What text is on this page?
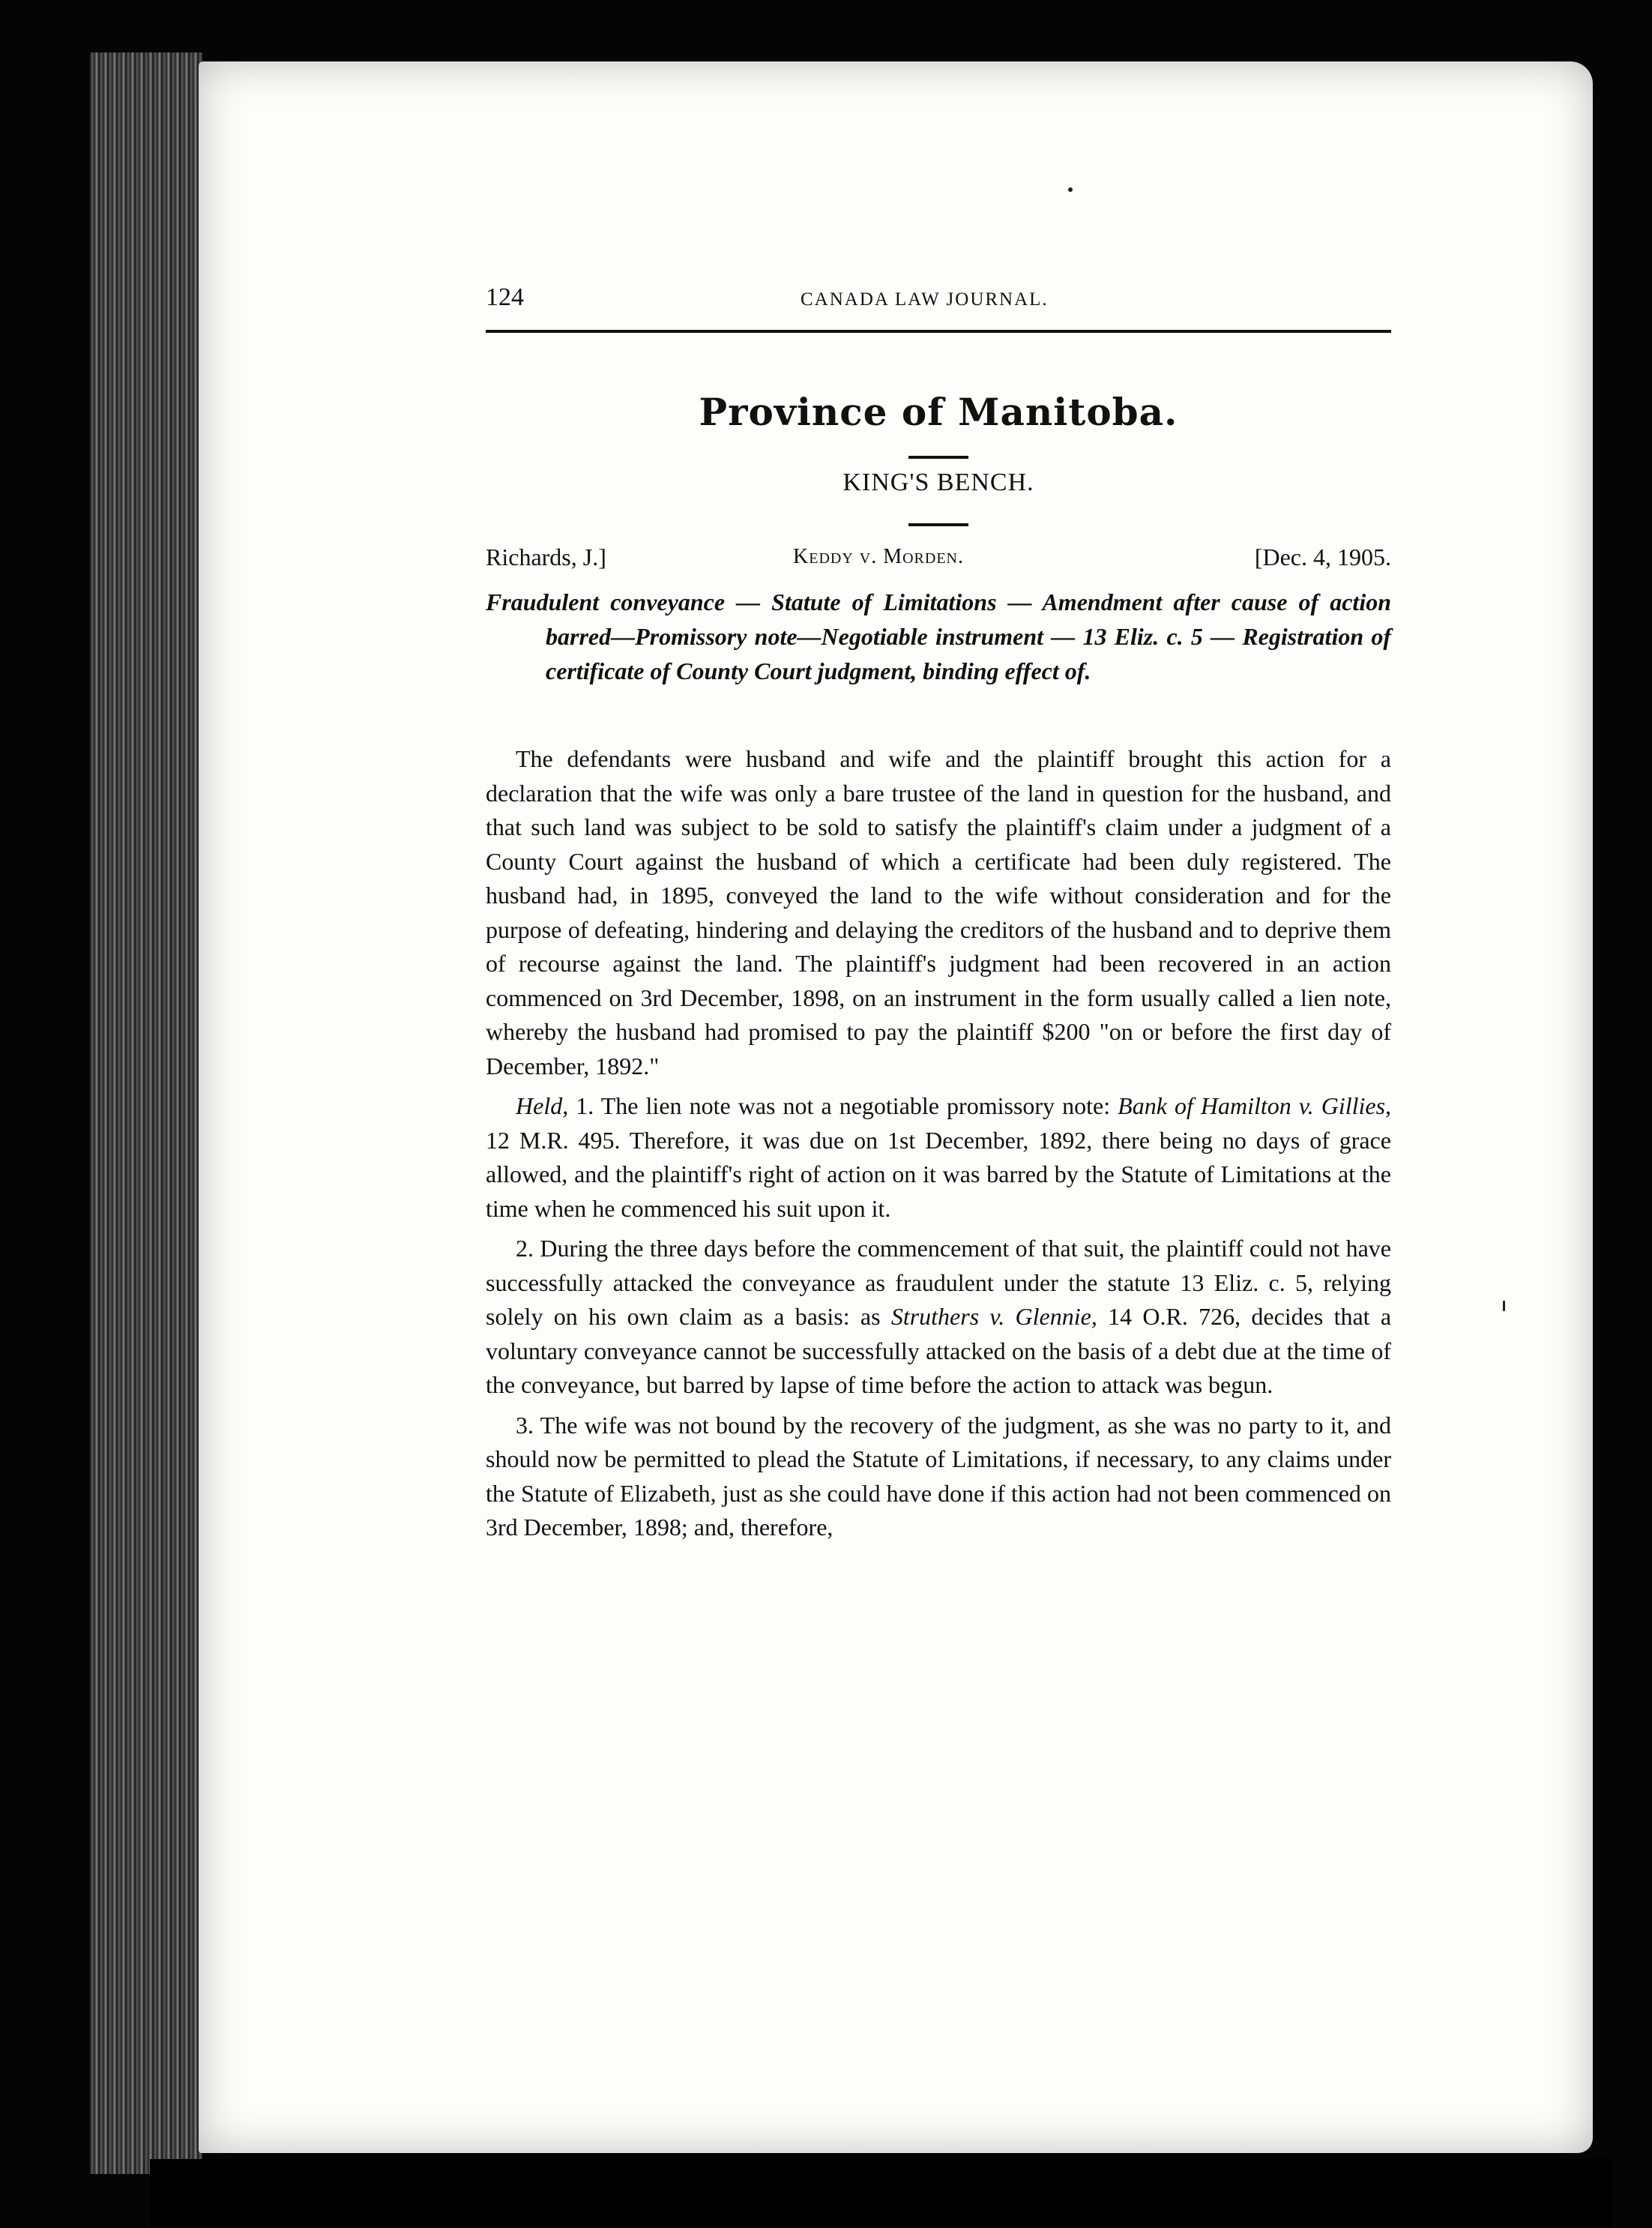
124	CANADA LAW JOURNAL.
Province of Manitoba.
KING'S BENCH.
Richards, J.]	Keddy v. Morden.	[Dec. 4, 1905.
Fraudulent conveyance — Statute of Limitations — Amendment after cause of action barred—Promissory note—Negotiable instrument — 13 Eliz. c. 5 — Registration of certificate of County Court judgment, binding effect of.

The defendants were husband and wife and the plaintiff brought this action for a declaration that the wife was only a bare trustee of the land in question for the husband, and that such land was subject to be sold to satisfy the plaintiff's claim under a judgment of a County Court against the husband of which a certificate had been duly registered. The husband had, in 1895, conveyed the land to the wife without consideration and for the purpose of defeating, hindering and delaying the creditors of the husband and to deprive them of recourse against the land. The plaintiff's judgment had been recovered in an action commenced on 3rd December, 1898, on an instrument in the form usually called a lien note, whereby the husband had promised to pay the plaintiff $200 "on or before the first day of December, 1892."

Held, 1. The lien note was not a negotiable promissory note: Bank of Hamilton v. Gillies, 12 M.R. 495. Therefore, it was due on 1st December, 1892, there being no days of grace allowed, and the plaintiff's right of action on it was barred by the Statute of Limitations at the time when he commenced his suit upon it.

2. During the three days before the commencement of that suit, the plaintiff could not have successfully attacked the conveyance as fraudulent under the statute 13 Eliz. c. 5, relying solely on his own claim as a basis: as Struthers v. Glennie, 14 O.R. 726, decides that a voluntary conveyance cannot be successfully attacked on the basis of a debt due at the time of the conveyance, but barred by lapse of time before the action to attack was begun.

3. The wife was not bound by the recovery of the judgment, as she was no party to it, and should now be permitted to plead the Statute of Limitations, if necessary, to any claims under the Statute of Elizabeth, just as she could have done if this action had not been commenced on 3rd December, 1898; and, therefore,
